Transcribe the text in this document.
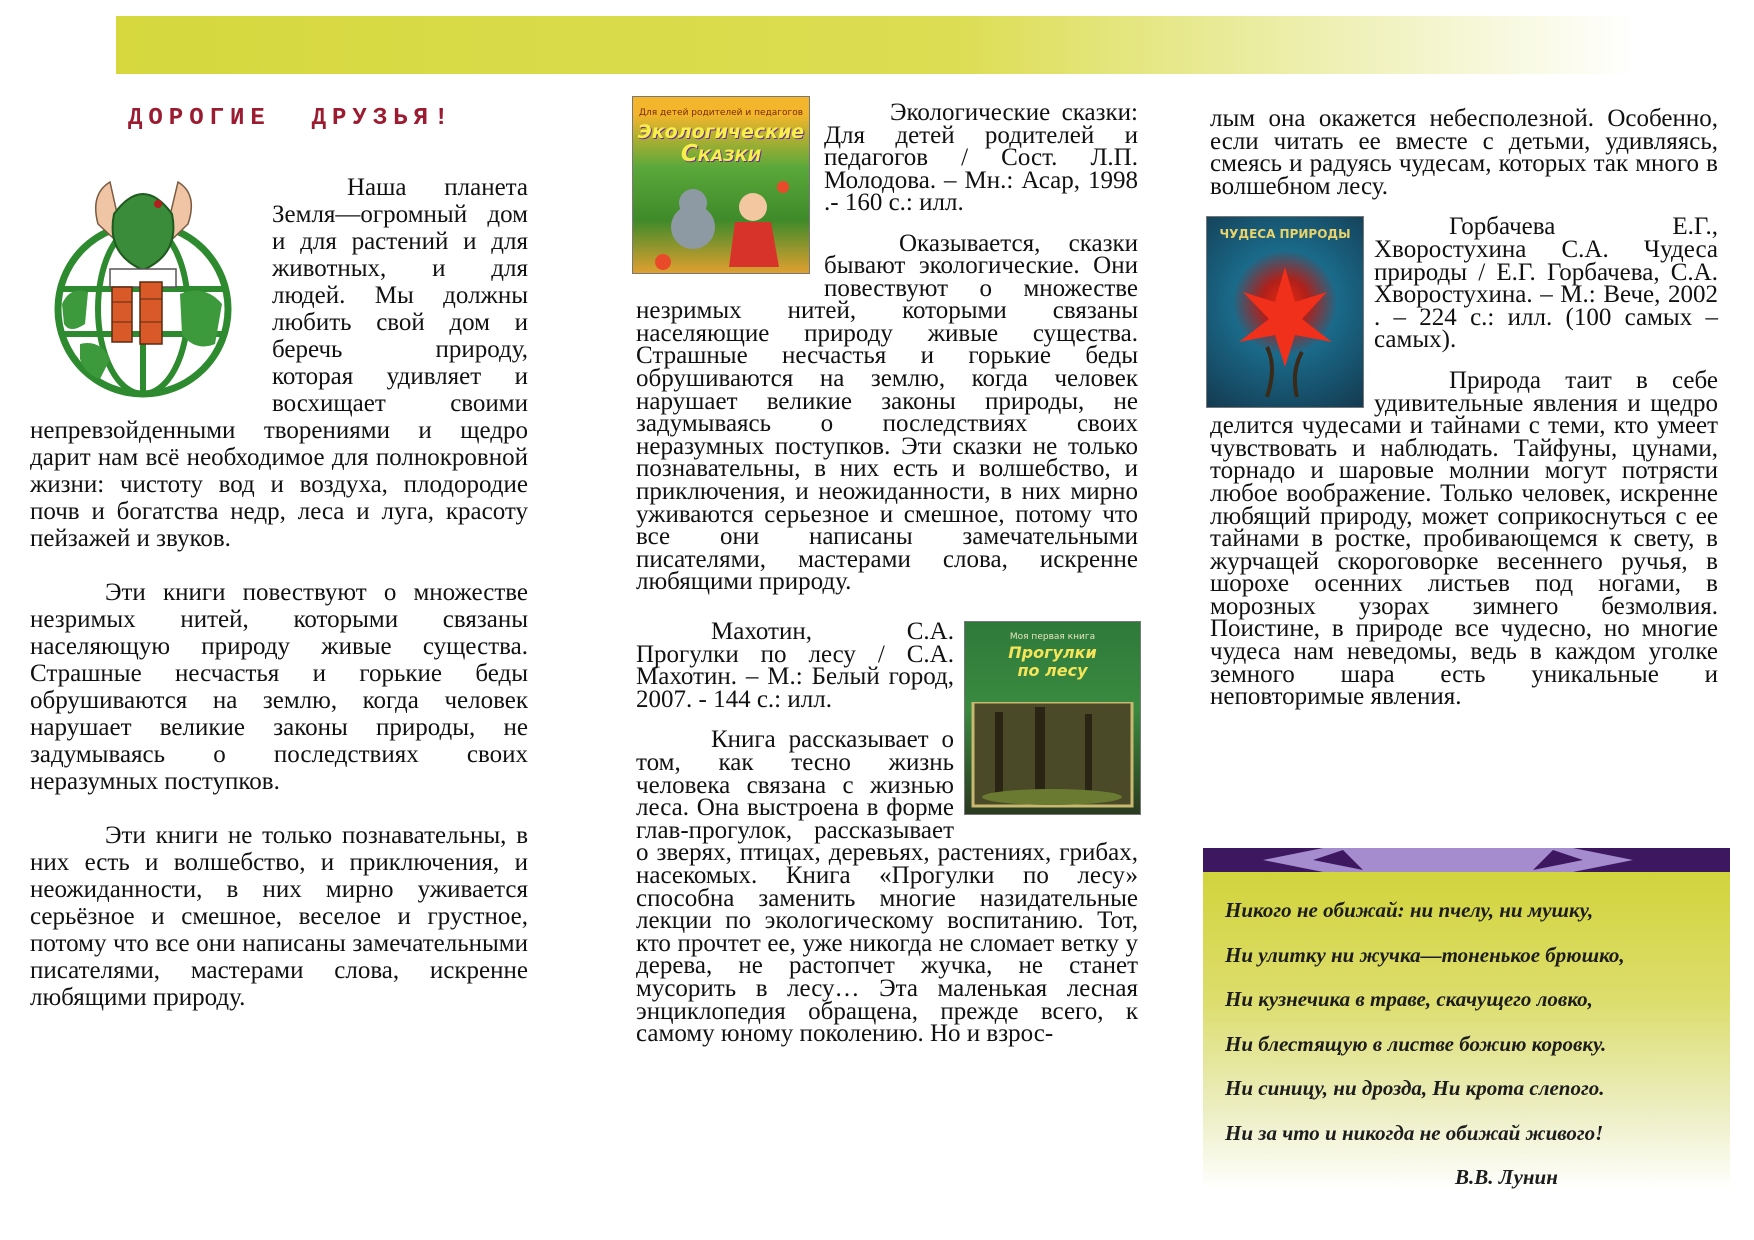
ДОРОГИЕ  ДРУЗЬЯ!

Наша планета Земля—огромный дом и для растений и для животных, и для людей. Мы должны любить свой дом и беречь природу, которая удивляет и восхищает своими непревзойденными творениями и щедро дарит нам всё необходимое для полнокровной жизни: чистоту вод и воздуха, плодородие почв и богатства недр, леса и луга, красоту пейзажей и звуков.

Эти книги повествуют о множестве незримых нитей, которыми связаны населяющую природу живые существа. Страшные несчастья и горькие беды обрушиваются на землю, когда человек нарушает великие законы природы, не задумываясь о последствиях своих неразумных поступков.

Эти книги не только познавательны, в них есть и волшебство, и приключения, и неожиданности, в них мирно уживается серьёзное и смешное, веселое и грустное, потому что все они написаны замечательными писателями, мастерами слова, искренне любящими природу.

Для детей родителей и педагогов
Экологические
Сказки

Экологические сказки: Для детей родителей и педагогов / Сост. Л.П. Молодова. – Мн.: Асар, 1998 .- 160 с.: илл.

Оказывается, сказки бывают экологические. Они повествуют о множестве незримых нитей, которыми связаны населяющие природу живые существа. Страшные несчастья и горькие беды обрушиваются на землю, когда человек нарушает великие законы природы, не задумываясь о последствиях своих неразумных поступков. Эти сказки не только познавательны, в них есть и волшебство, и приключения, и неожиданности, в них мирно уживаются серьезное и смешное, потому что все они написаны замечательными писателями, мастерами слова, искренне любящими природу.

Моя первая книга
Прогулки
по лесу

Махотин, С.А. Прогулки по лесу / С.А. Махотин. – М.: Белый город, 2007. - 144 с.: илл.

Книга рассказывает о том, как тесно жизнь человека связана с жизнью леса. Она выстроена в форме глав-прогулок, рассказывает о зверях, птицах, деревьях, растениях, грибах, насекомых. Книга «Прогулки по лесу» способна заменить многие назидательные лекции по экологическому воспитанию. Тот, кто прочтет ее, уже никогда не сломает ветку у дерева, не растопчет жучка, не станет мусорить в лесу… Эта маленькая лесная энциклопедия обращена, прежде всего, к самому юному поколению. Но и взрос-

лым она окажется небесполезной. Особенно, если читать ее вместе с детьми, удивляясь, смеясь и радуясь чудесам, которых так много в волшебном лесу.

ЧУДЕСА ПРИРОДЫ	Горбачева Е.Г., Хворостухина С.А. Чудеса природы / Е.Г. Горбачева, С.А. Хворостухина. – М.: Вече, 2002 . – 224 с.: илл. (100 самых – самых).

Природа таит в себе удивительные явления и щедро делится чудесами и тайнами с теми, кто умеет чувствовать и наблюдать. Тайфуны, цунами, торнадо и шаровые молнии могут потрясти любое воображение. Только человек, искренне любящий природу, может соприкоснуться с ее тайнами в ростке, пробивающемся к свету, в журчащей скороговорке весеннего ручья, в шорохе осенних листьев под ногами, в морозных узорах зимнего безмолвия. Поистине, в природе все чудесно, но многие чудеса нам неведомы, ведь в каждом уголке земного шара есть уникальные и неповторимые явления.

Никого не обижай: ни пчелу, ни мушку,

Ни улитку ни жучка—тоненькое брюшко,

Ни кузнечика в траве, скачущего ловко,

Ни блестящую в листве божию коровку.

Ни синицу, ни дрозда, Ни крота слепого.

Ни за что и никогда не обижай живого!

В.В. Лунин
